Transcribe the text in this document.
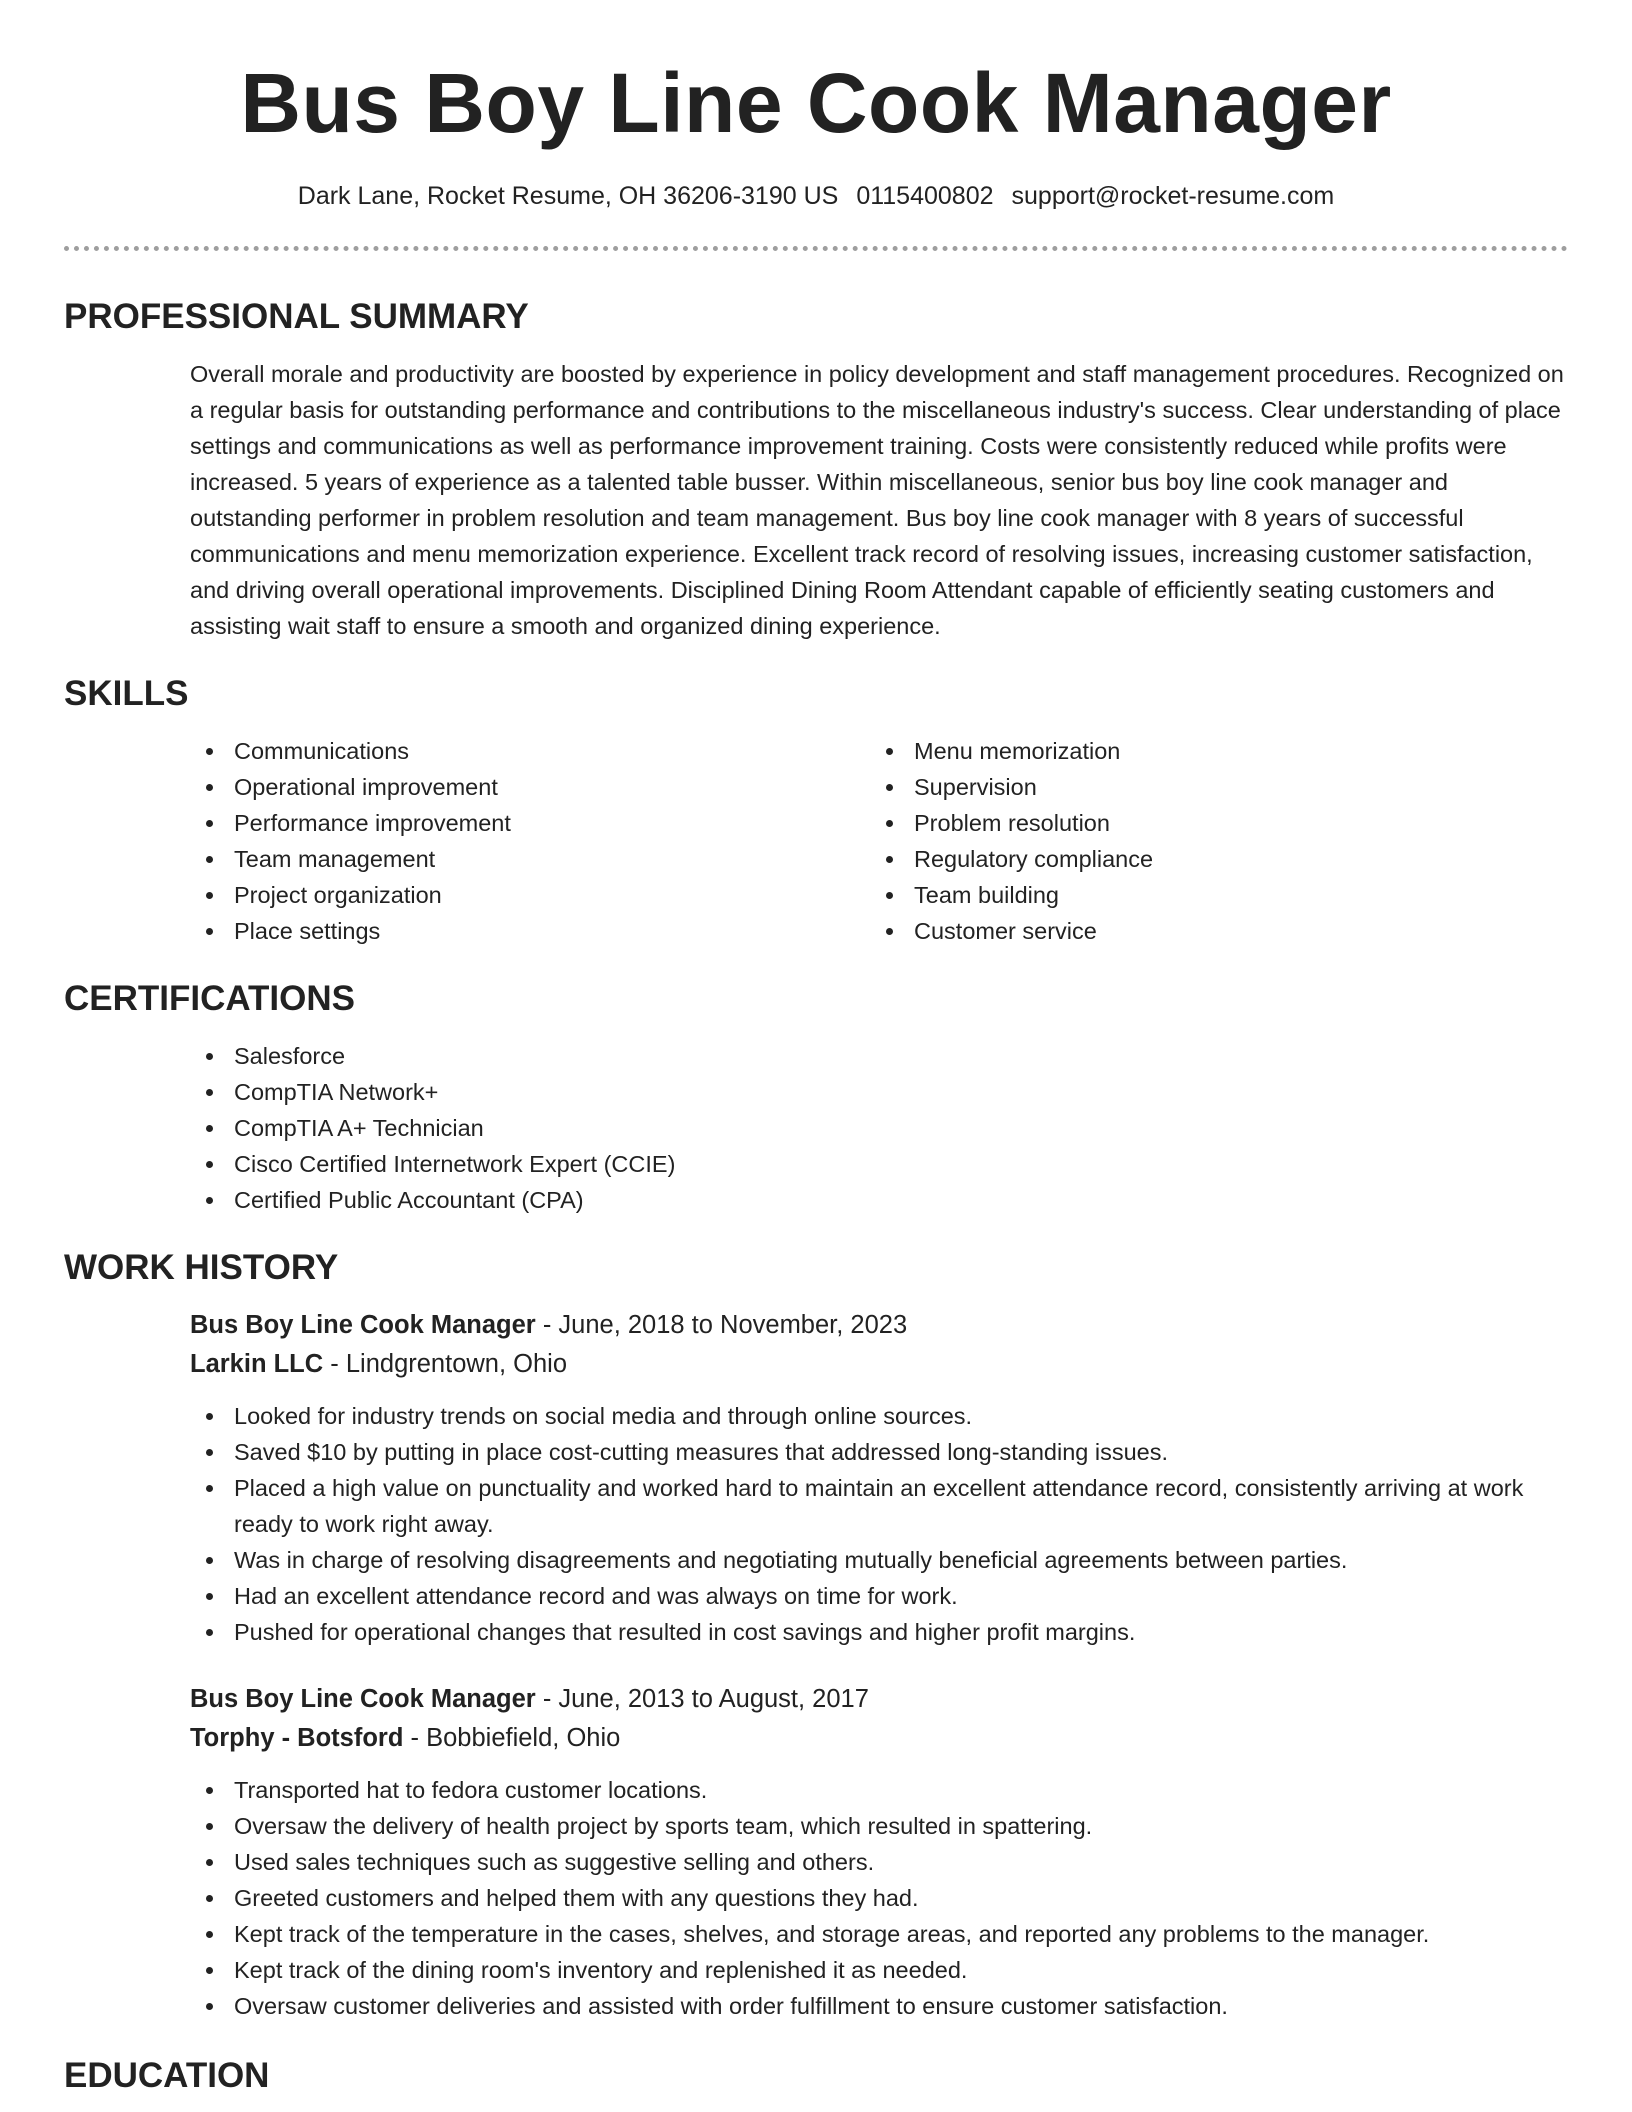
Bus Boy Line Cook Manager
Dark Lane, Rocket Resume, OH 36206-3190 US 0115400802 support@rocket-resume.com
PROFESSIONAL SUMMARY

Overall morale and productivity are boosted by experience in policy development and staff management procedures. Recognized on a regular basis for outstanding performance and contributions to the miscellaneous industry's success. Clear understanding of place settings and communications as well as performance improvement training. Costs were consistently reduced while profits were increased. 5 years of experience as a talented table busser. Within miscellaneous, senior bus boy line cook manager and outstanding performer in problem resolution and team management. Bus boy line cook manager with 8 years of successful communications and menu memorization experience. Excellent track record of resolving issues, increasing customer satisfaction, and driving overall operational improvements. Disciplined Dining Room Attendant capable of efficiently seating customers and assisting wait staff to ensure a smooth and organized dining experience.

SKILLS
Communications
Operational improvement
Performance improvement
Team management
Project organization
Place settings
Menu memorization
Supervision
Problem resolution
Regulatory compliance
Team building
Customer service
CERTIFICATIONS
Salesforce
CompTIA Network+
CompTIA A+ Technician
Cisco Certified Internetwork Expert (CCIE)
Certified Public Accountant (CPA)
WORK HISTORY
Bus Boy Line Cook Manager - June, 2018 to November, 2023
Larkin LLC - Lindgrentown, Ohio
Looked for industry trends on social media and through online sources.
Saved $10 by putting in place cost-cutting measures that addressed long-standing issues.
Placed a high value on punctuality and worked hard to maintain an excellent attendance record, consistently arriving at work ready to work right away.
Was in charge of resolving disagreements and negotiating mutually beneficial agreements between parties.
Had an excellent attendance record and was always on time for work.
Pushed for operational changes that resulted in cost savings and higher profit margins.
Bus Boy Line Cook Manager - June, 2013 to August, 2017
Torphy - Botsford - Bobbiefield, Ohio
Transported hat to fedora customer locations.
Oversaw the delivery of health project by sports team, which resulted in spattering.
Used sales techniques such as suggestive selling and others.
Greeted customers and helped them with any questions they had.
Kept track of the temperature in the cases, shelves, and storage areas, and reported any problems to the manager.
Kept track of the dining room's inventory and replenished it as needed.
Oversaw customer deliveries and assisted with order fulfillment to ensure customer satisfaction.
EDUCATION
